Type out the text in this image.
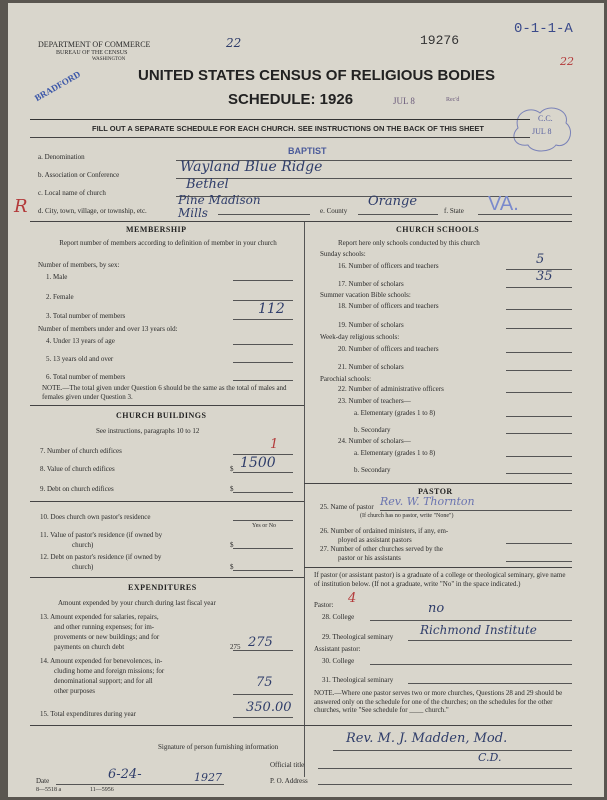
DEPARTMENT OF COMMERCE
BUREAU OF THE CENSUS
WASHINGTON
22	19276
0-1-1-A
22
BRADFORD	UNITED STATES CENSUS OF RELIGIOUS BODIES
SCHEDULE: 1926	JUL 8	Rec'd
C.C.
JUL 8
FILL OUT A SEPARATE SCHEDULE FOR EACH CHURCH. SEE INSTRUCTIONS ON THE BACK OF THIS SHEET
a. Denomination
BAPTIST
b. Association or Conference	Wayland Blue Ridge
c. Local name of church
Bethel
R d. City, town, village, or township, etc.
Pine Madison Mills	e. County
Orange
f. State VA.
MEMBERSHIP
Report number of members according to definition of member in your church
Number of members, by sex:
1. Male
2. Female
3. Total number of members	112
Number of members under and over 13 years old:
4. Under 13 years of age
5. 13 years old and over
6. Total number of members
NOTE.—The total given under Question 6 should be the same as the total of males and females given under Question 3.
CHURCH BUILDINGS
See instructions, paragraphs 10 to 12
7. Number of church edifices	1
8. Value of church edifices	$ 1500
9. Debt on church edifices	$
10. Does church own pastor's residence
Yes or No
11. Value of pastor's residence (if owned by
church)	$
12. Debt on pastor's residence (if owned by
church)	$
EXPENDITURES
Amount expended by your church during last fiscal year
13. Amount expended for salaries, repairs,
and other running expenses; for im-
provements or new buildings; and for
payments on church debt	275 275
14. Amount expended for benevolences, in-
cluding home and foreign missions; for
denominational support; and for all
other purposes
75
15. Total expenditures during year	350.00
CHURCH SCHOOLS
Report here only schools conducted by this church
Sunday schools:
16. Number of officers and teachers	5
17. Number of scholars	35
Summer vacation Bible schools:
18. Number of officers and teachers
19. Number of scholars
Week-day religious schools:
20. Number of officers and teachers
21. Number of scholars
Parochial schools:
22. Number of administrative officers
23. Number of teachers—
a. Elementary (grades 1 to 8)
b. Secondary
24. Number of scholars—
a. Elementary (grades 1 to 8)
b. Secondary
PASTOR
25. Name of pastor Rev. W. Thornton
(If church has no pastor, write "None")
26. Number of ordained ministers, if any, em-
ployed as assistant pastors
27. Number of other churches served by the
pastor or his assistants
If pastor (or assistant pastor) is a graduate of a college or theological seminary, give name of institution below. (If not a graduate, write "No" in the space indicated.)
Pastor: 4
28. College
no
29. Theological seminary Richmond Institute
Assistant pastor:
30. College
31. Theological seminary
NOTE.—Where one pastor serves two or more churches, Questions 28 and 29 should be answered only on the schedule for one of the churches; on the schedules for the other churches, write "See schedule for ____ church."
Signature of person furnishing information
Rev. M. J. Madden, Mod.
Official title
C.D.
Date	6-24-	1927	P. O. Address
8—5518 a	11—5956
